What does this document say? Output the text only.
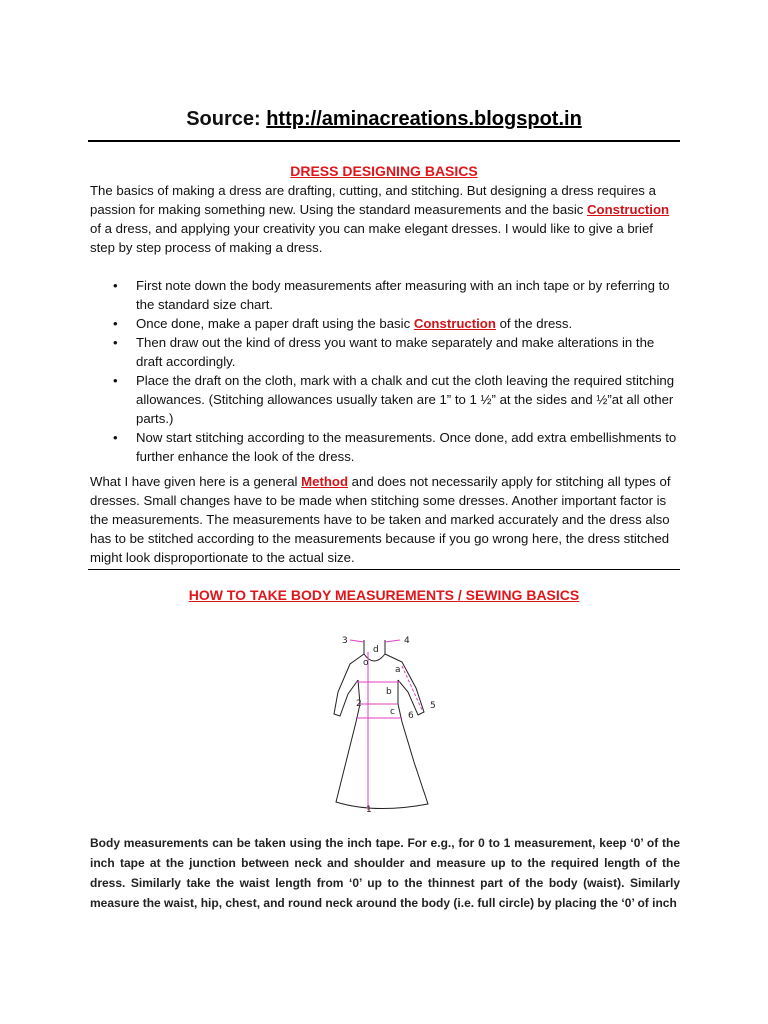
Source: http://aminacreations.blogspot.in
DRESS DESIGNING BASICS
The basics of making a dress are drafting, cutting, and stitching. But designing a dress requires a passion for making something new. Using the standard measurements and the basic Construction of a dress, and applying your creativity you can make elegant dresses. I would like to give a brief step by step process of making a dress.
• First note down the body measurements after measuring with an inch tape or by referring to the standard size chart.
• Once done, make a paper draft using the basic Construction of the dress.
• Then draw out the kind of dress you want to make separately and make alterations in the draft accordingly.
• Place the draft on the cloth, mark with a chalk and cut the cloth leaving the required stitching allowances. (Stitching allowances usually taken are 1” to 1 ½” at the sides and ½”at all other parts.)
• Now start stitching according to the measurements. Once done, add extra embellishments to further enhance the look of the dress.
What I have given here is a general Method and does not necessarily apply for stitching all types of dresses. Small changes have to be made when stitching some dresses. Another important factor is the measurements. The measurements have to be taken and marked accurately and the dress also has to be stitched according to the measurements because if you go wrong here, the dress stitched might look disproportionate to the actual size.
HOW TO TAKE BODY MEASUREMENTS / SEWING BASICS
3	4
d
o
a
b
2
c 6
5
1
Body measurements can be taken using the inch tape. For e.g., for 0 to 1 measurement, keep ‘0’ of the inch tape at the junction between neck and shoulder and measure up to the required length of the dress. Similarly take the waist length from ‘0’ up to the thinnest part of the body (waist). Similarly measure the waist, hip, chest, and round neck around the body (i.e. full circle) by placing the ‘0’ of inch
